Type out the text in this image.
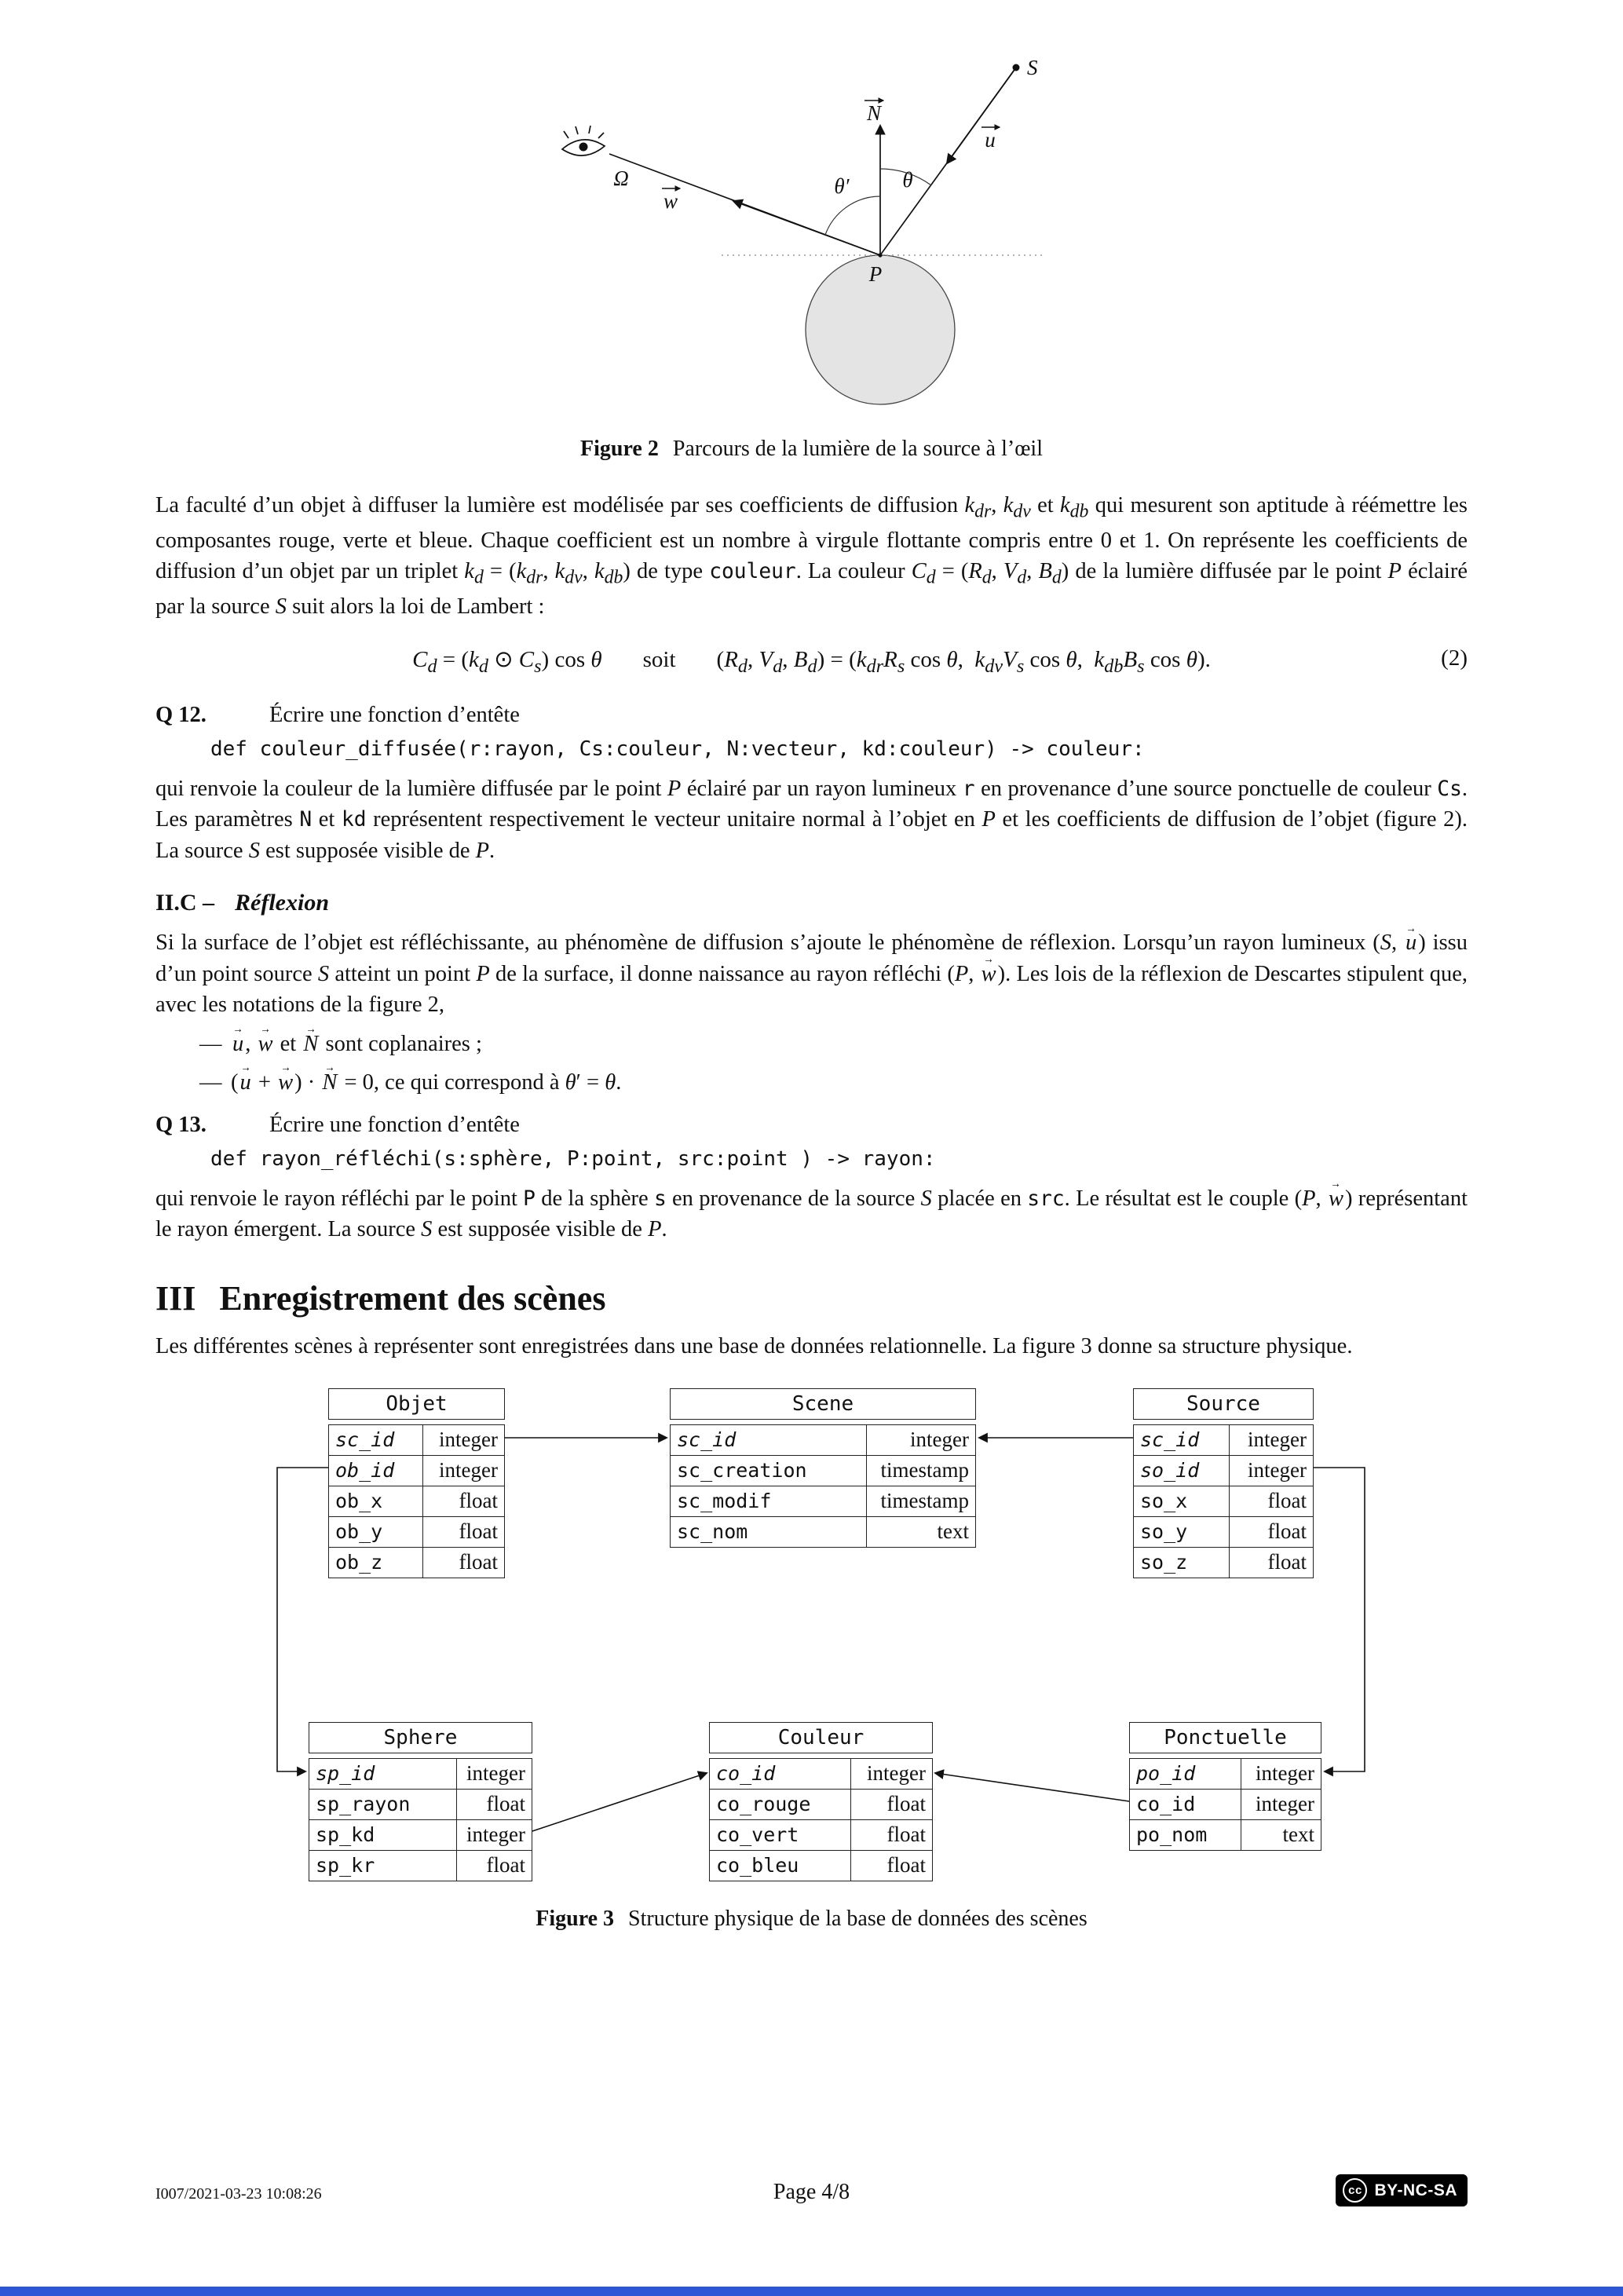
S
N
u
w
θ
θ′
Ω
P
Figure 2 Parcours de la lumière de la source à l’œil

La faculté d’un objet à diffuser la lumière est modélisée par ses coefficients de diffusion $k_{dr}$, $k_{dv}$ et $k_{db}$ qui mesurent son aptitude à réémettre les composantes rouge, verte et bleue. Chaque coefficient est un nombre à virgule flottante compris entre 0 et 1. On représente les coefficients de diffusion d’un objet par un triplet $k_d = (k_{dr}$, $k_{dv}$, $k_{db}$) de type couleur. La couleur $C_d = (R_d$, $V_d$, $B_d$) de la lumière diffusée par le point P éclairé par la source S suit alors la loi de Lambert :

$C_d = (k_d$ ⊙ $C_s$) cos θ soit ($R_d$, $V_d$, $B_d) = (k_{dr}R_s$ cos θ,  $k_{dv}V_s$ cos θ,  $k_{db}B_s$ cos θ).	(2)
Q 12.	Écrire une fonction d’entête
def couleur_diffusée(r:rayon, Cs:couleur, N:vecteur, kd:couleur) -> couleur:

qui renvoie la couleur de la lumière diffusée par le point P éclairé par un rayon lumineux r en provenance d’une source ponctuelle de couleur Cs. Les paramètres N et kd représentent respectivement le vecteur unitaire normal à l’objet en P et les coefficients de diffusion de l’objet (figure 2). La source S est supposée visible de P.

II.C – Réflexion

Si la surface de l’objet est réfléchissante, au phénomène de diffusion s’ajoute le phénomène de réflexion. Lorsqu’un rayon lumineux (S, u →) issu d’un point source S atteint un point P de la surface, il donne naissance au rayon réfléchi (P, w →). Les lois de la réflexion de Descartes stipulent que, avec les notations de la figure 2,

— u →, w → et N → sont coplanaires ;
— (u → + w →) · N → = 0, ce qui correspond à θ′ = θ.
Q 13.	Écrire une fonction d’entête
def rayon_réfléchi(s:sphère, P:point, src:point ) -> rayon:

qui renvoie le rayon réfléchi par le point P de la sphère s en provenance de la source S placée en src. Le résultat est le couple (P, w →) représentant le rayon émergent. La source S est supposée visible de P.

III Enregistrement des scènes

Les différentes scènes à représenter sont enregistrées dans une base de données relationnelle. La figure 3 donne sa structure physique.

Objet
sc_id	integer
ob_id	integer
ob_x	float
ob_y	float
ob_z	float
Scene
sc_id	integer
sc_creation	timestamp
sc_modif	timestamp
sc_nom	text
Source
sc_id	integer
so_id	integer
so_x	float
so_y	float
so_z	float
Sphere
sp_id	integer
sp_rayon	float
sp_kd	integer
sp_kr	float
Couleur
co_id	integer
co_rouge	float
co_vert	float
co_bleu	float
Ponctuelle
po_id	integer
co_id	integer
po_nom	text
Figure 3 Structure physique de la base de données des scènes
I007/2021-03-23 10:08:26	Page 4/8	cc BY-NC-SA
